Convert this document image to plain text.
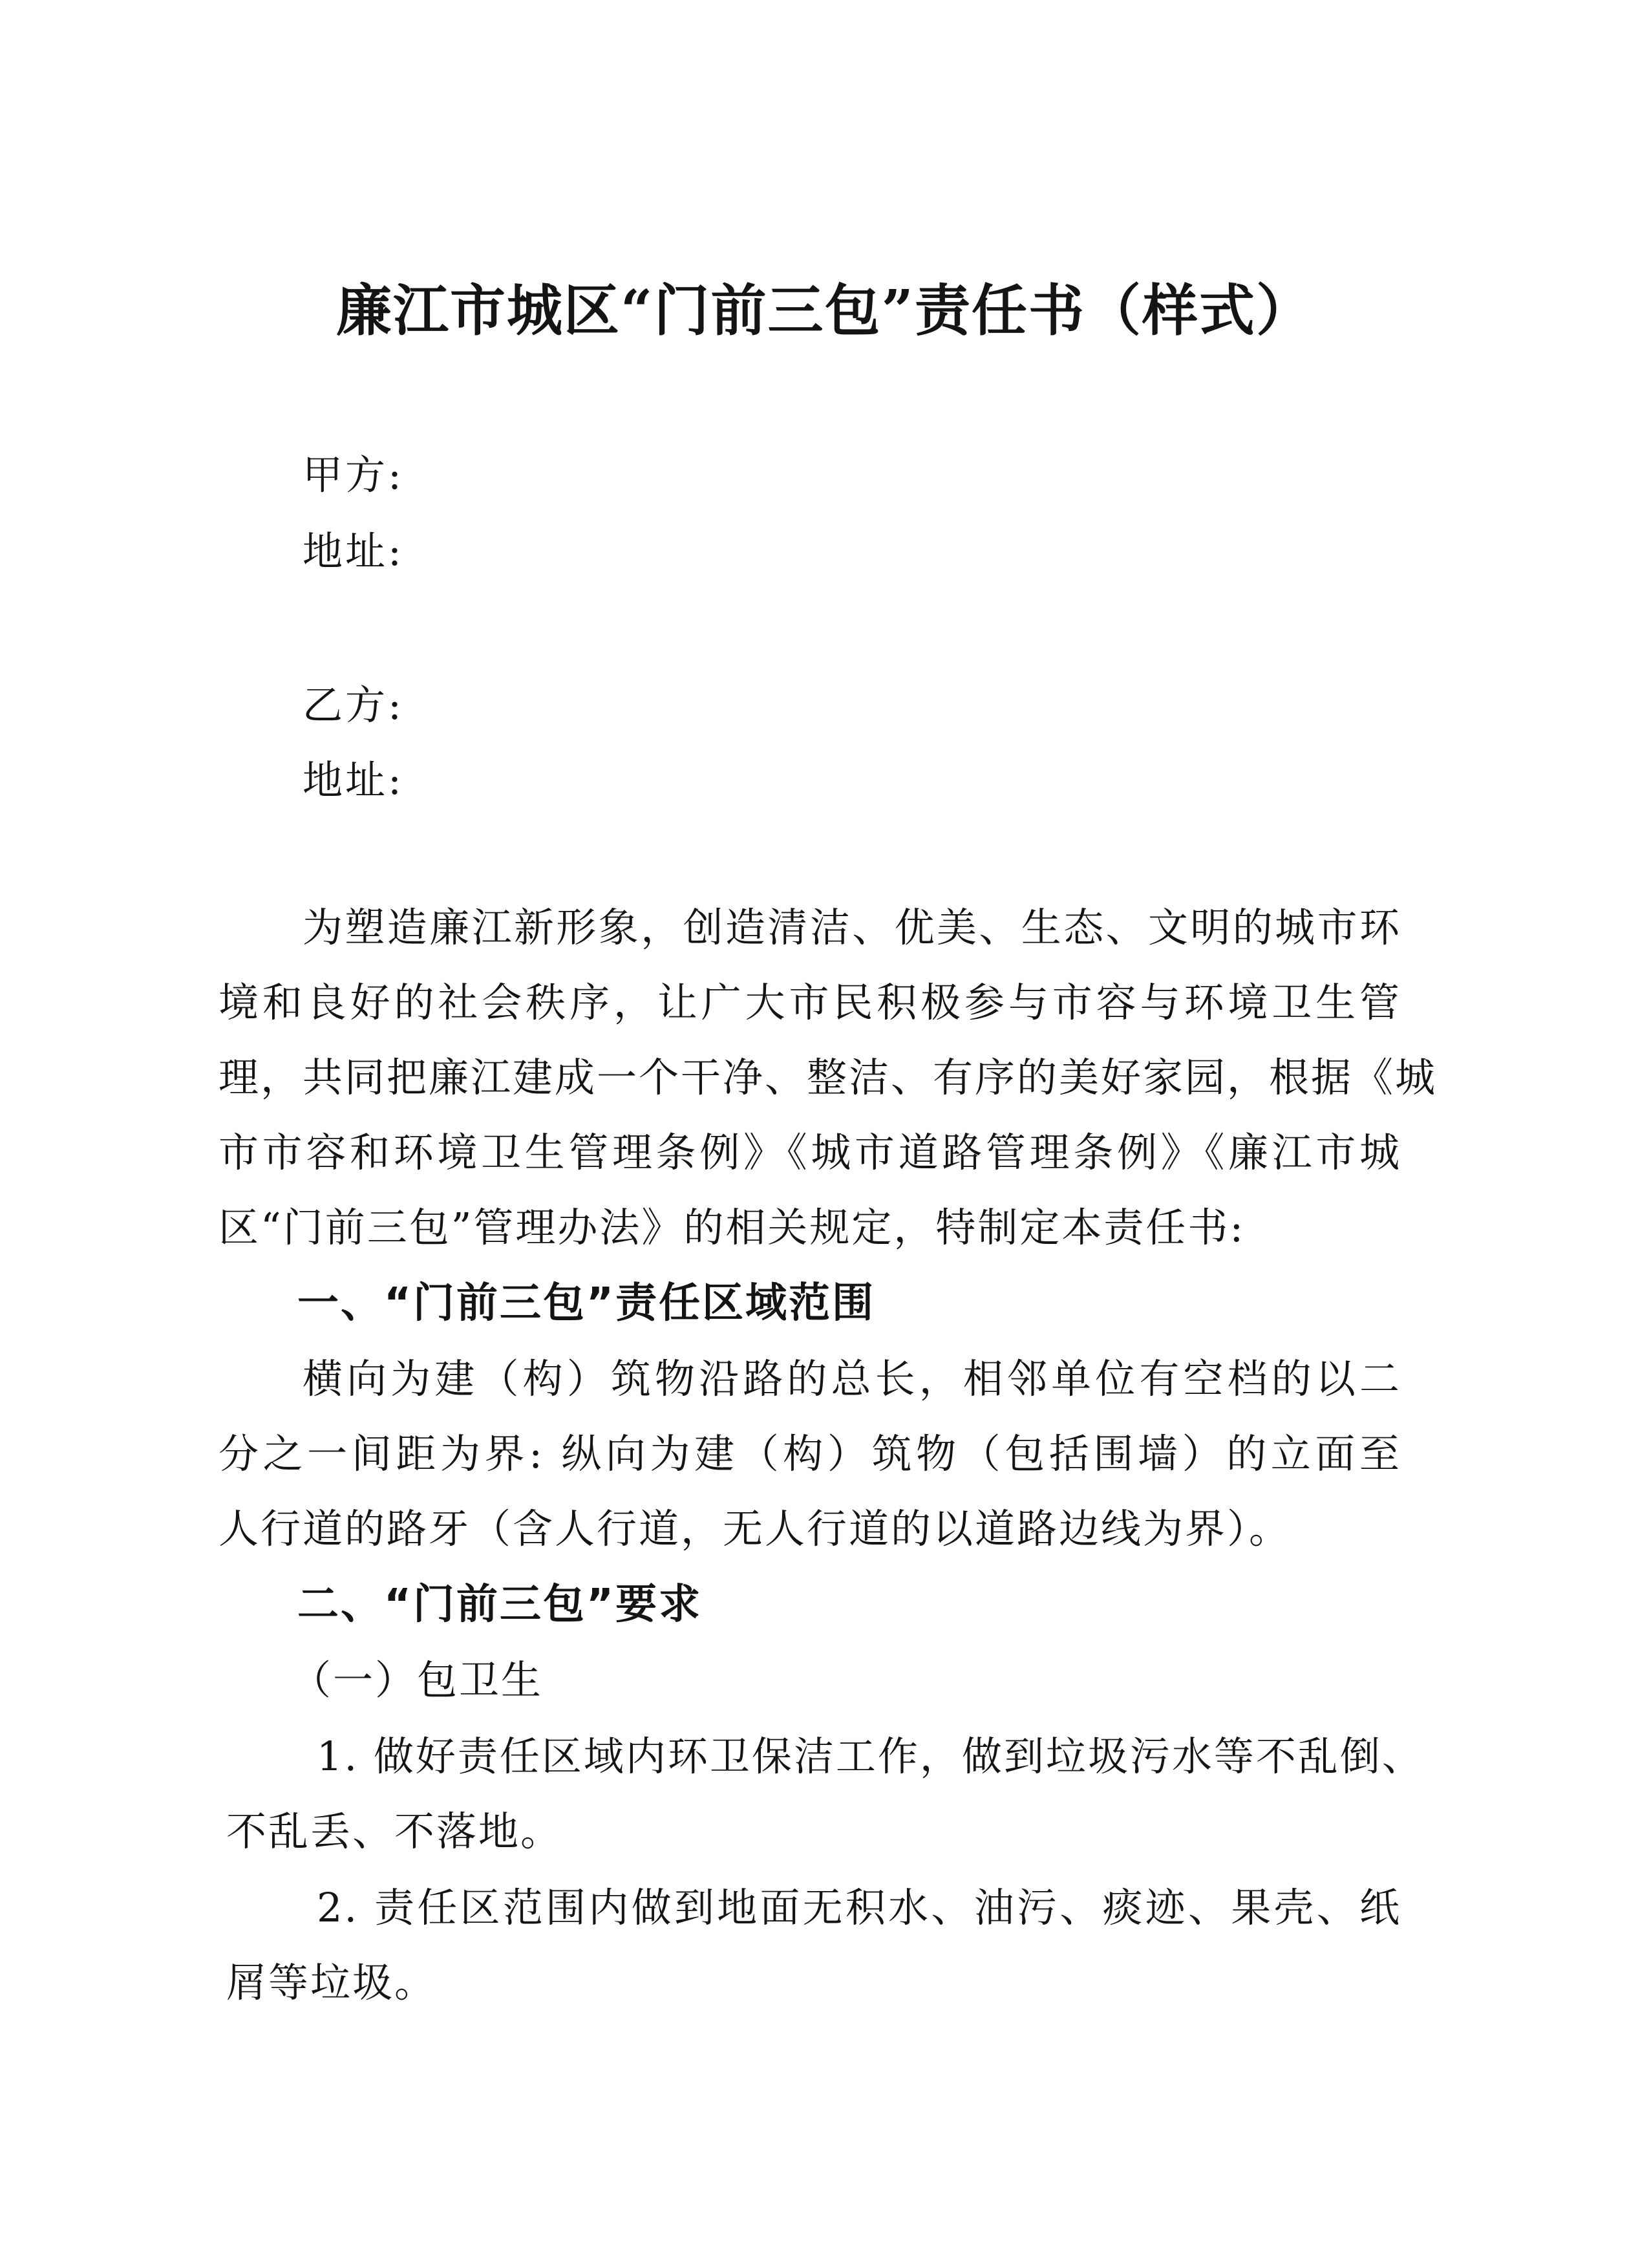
廉江市城区“门前三包”责任书（样式）

甲方:

地址:

乙方:

地址:

为塑造廉江新形象，创造清洁、优美、生态、文明的城市环

境和良好的社会秩序，让广大市民积极参与市容与环境卫生管

理，共同把廉江建成一个干净、整洁、有序的美好家园，根据《城

市市容和环境卫生管理条例》《城市道路管理条例》《廉江市城

区“门前三包”管理办法》的相关规定，特制定本责任书:

一、“门前三包”责任区域范围

横向为建（构）筑物沿路的总长，相邻单位有空档的以二

分之一间距为界: 纵向为建（构）筑物（包括围墙）的立面至

人行道的路牙（含人行道，无人行道的以道路边线为界）。

二、“门前三包”要求

（一）包卫生

1. 做好责任区域内环卫保洁工作，做到垃圾污水等不乱倒、

不乱丢、不落地。

2. 责任区范围内做到地面无积水、油污、痰迹、果壳、纸

屑等垃圾。
